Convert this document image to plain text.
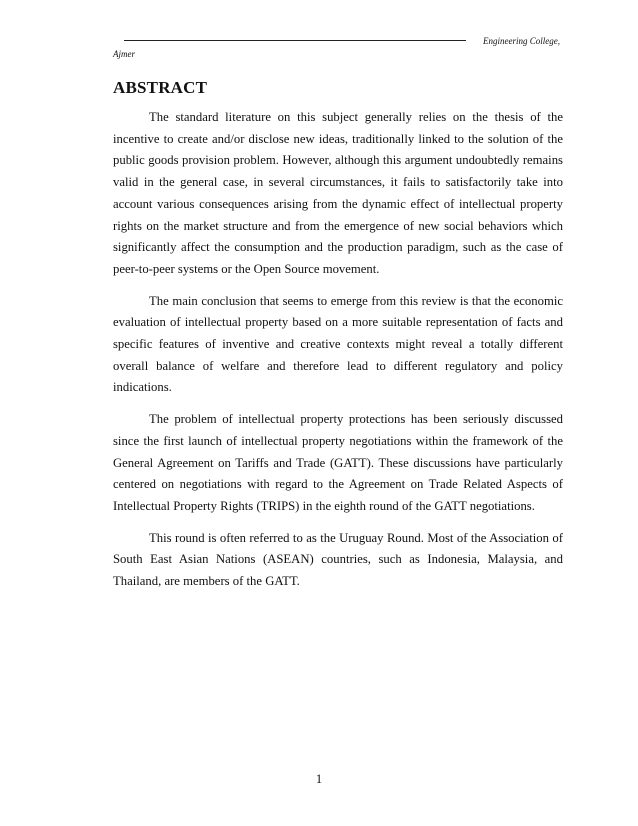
Engineering College,
Ajmer
ABSTRACT

The standard literature on this subject generally relies on the thesis of the incentive to create and/or disclose new ideas, traditionally linked to the solution of the public goods provision problem. However, although this argument undoubtedly remains valid in the general case, in several circumstances, it fails to satisfactorily take into account various consequences arising from the dynamic effect of intellectual property rights on the market structure and from the emergence of new social behaviors which significantly affect the consumption and the production paradigm, such as the case of peer-to-peer systems or the Open Source movement.

The main conclusion that seems to emerge from this review is that the economic evaluation of intellectual property based on a more suitable representation of facts and specific features of inventive and creative contexts might reveal a totally different overall balance of welfare and therefore lead to different regulatory and policy indications.

The problem of intellectual property protections has been seriously discussed since the first launch of intellectual property negotiations within the framework of the General Agreement on Tariffs and Trade (GATT). These discussions have particularly centered on negotiations with regard to the Agreement on Trade Related Aspects of Intellectual Property Rights (TRIPS) in the eighth round of the GATT negotiations.

This round is often referred to as the Uruguay Round. Most of the Association of South East Asian Nations (ASEAN) countries, such as Indonesia, Malaysia, and Thailand, are members of the GATT.

1
